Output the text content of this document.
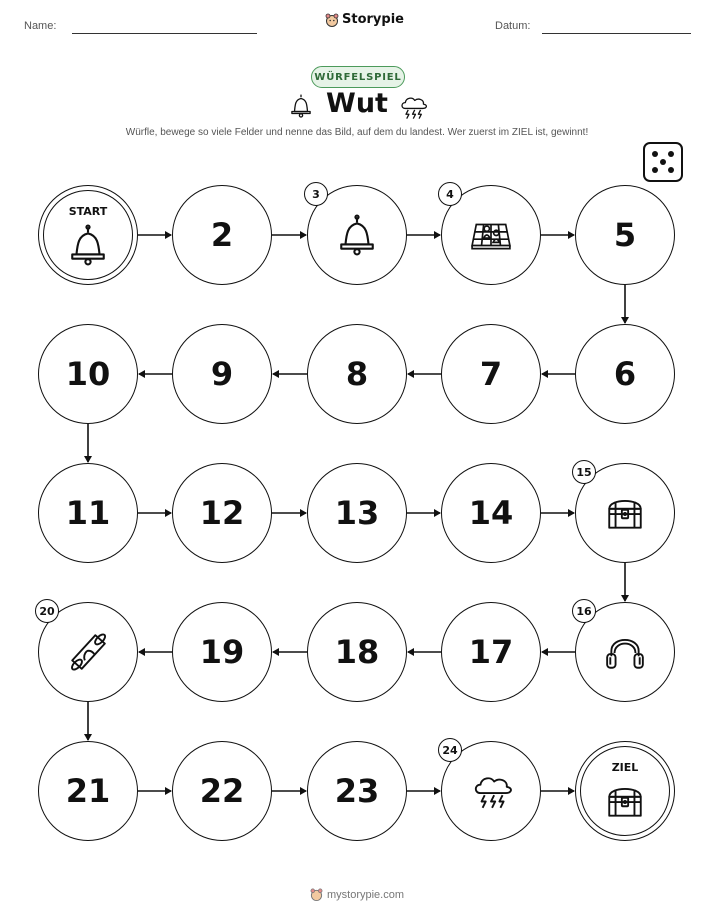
Name:	Storypie	Datum:
WÜRFELSPIEL
Wut
Würfle, bewege so viele Felder und nenne das Bild, auf dem du landest. Wer zuerst im ZIEL ist, gewinnt!
START
2
3	4
5
6
7
8
9
10
11	12	13	14
15
16
17
18
19
20
21	22	23
24
ZIEL
mystorypie.com
